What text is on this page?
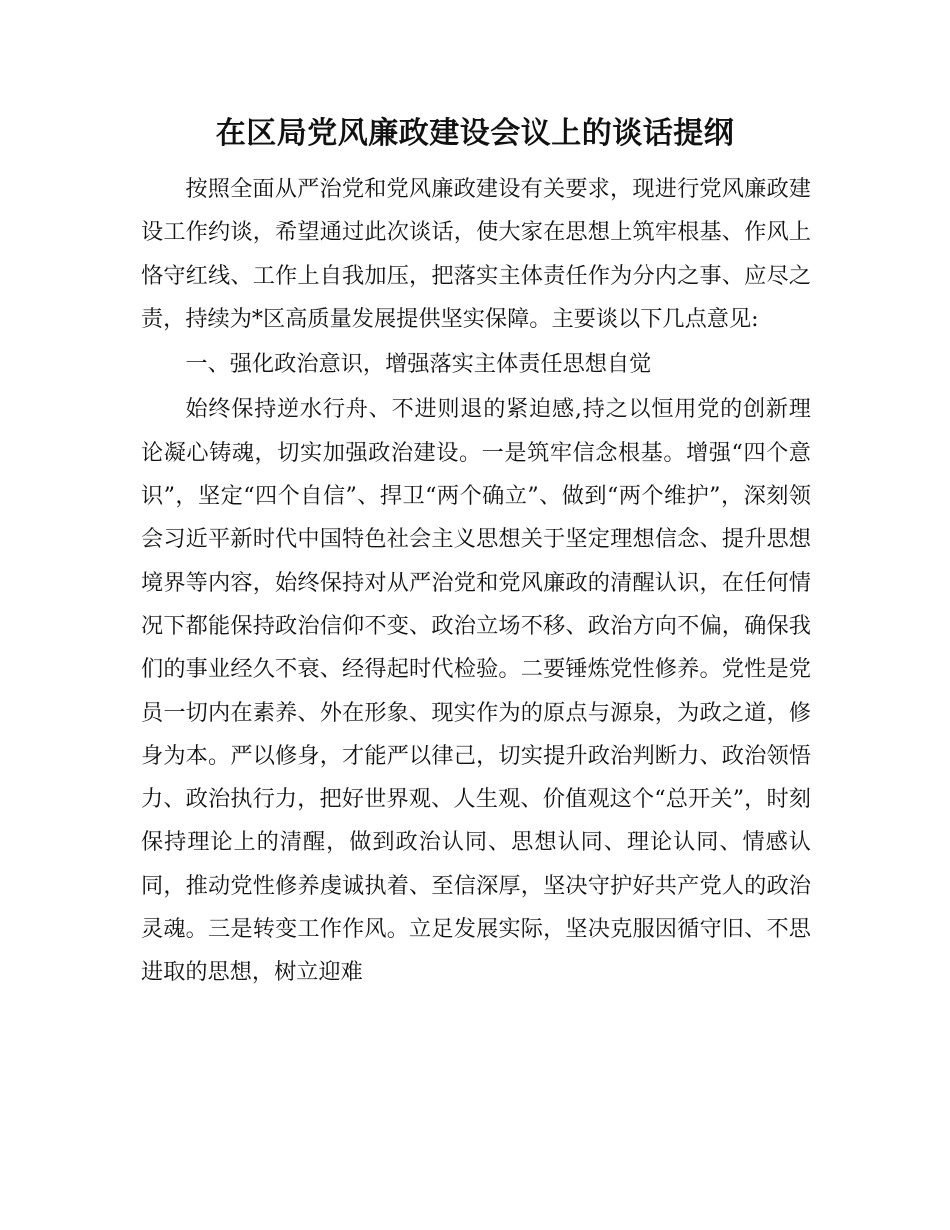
在区局党风廉政建设会议上的谈话提纲

按照全面从严治党和党风廉政建设有关要求，现进行党风廉政建设工作约谈，希望通过此次谈话，使大家在思想上筑牢根基、作风上恪守红线、工作上自我加压，把落实主体责任作为分内之事、应尽之责，持续为*区高质量发展提供坚实保障。主要谈以下几点意见:

一、强化政治意识，增强落实主体责任思想自觉

始终保持逆水行舟、不进则退的紧迫感,持之以恒用党的创新理论凝心铸魂，切实加强政治建设。一是筑牢信念根基。增强“四个意识”，坚定“四个自信”、捍卫“两个确立”、做到“两个维护”，深刻领会习近平新时代中国特色社会主义思想关于坚定理想信念、提升思想境界等内容，始终保持对从严治党和党风廉政的清醒认识，在任何情况下都能保持政治信仰不变、政治立场不移、政治方向不偏，确保我们的事业经久不衰、经得起时代检验。二要锤炼党性修养。党性是党员一切内在素养、外在形象、现实作为的原点与源泉，为政之道，修身为本。严以修身，才能严以律己，切实提升政治判断力、政治领悟力、政治执行力，把好世界观、人生观、价值观这个“总开关”，时刻保持理论上的清醒，做到政治认同、思想认同、理论认同、情感认同，推动党性修养虔诚执着、至信深厚，坚决守护好共产党人的政治灵魂。三是转变工作作风。立足发展实际，坚决克服因循守旧、不思进取的思想，树立迎难
